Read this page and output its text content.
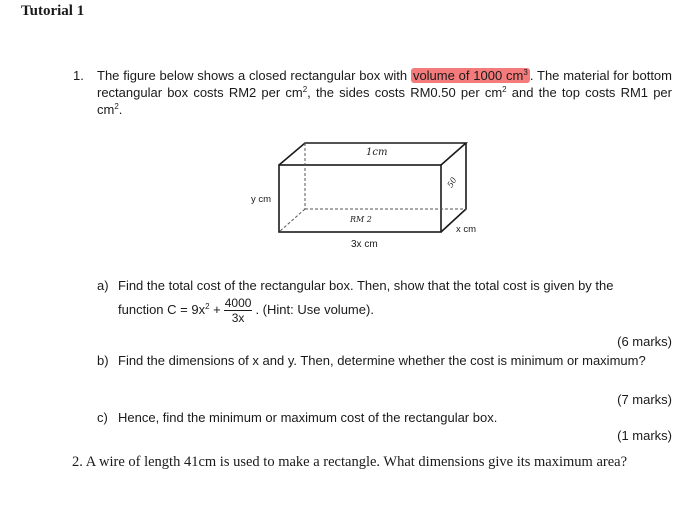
Tutorial 1
1. The figure below shows a closed rectangular box with volume of 1000 $cm^3$ . The material for bottom rectangular box costs RM2 per $cm^2$, the sides costs RM0.50 per $cm^2$ and the top costs RM1 per $cm^2$.
y cm
x cm
3x cm
1cm
RM 2
50
a) Find the total cost of the rectangular box. Then, show that the total cost is given by the
function $C = 9x^2 + \frac{4000}{3x}$ . (Hint: Use volume).
(6 marks)
b) Find the dimensions of x and y. Then, determine whether the cost is minimum or maximum?
(7 marks)
c) Hence, find the minimum or maximum cost of the rectangular box.
(1 marks)
2. A wire of length 41cm is used to make a rectangle. What dimensions give its maximum area?
